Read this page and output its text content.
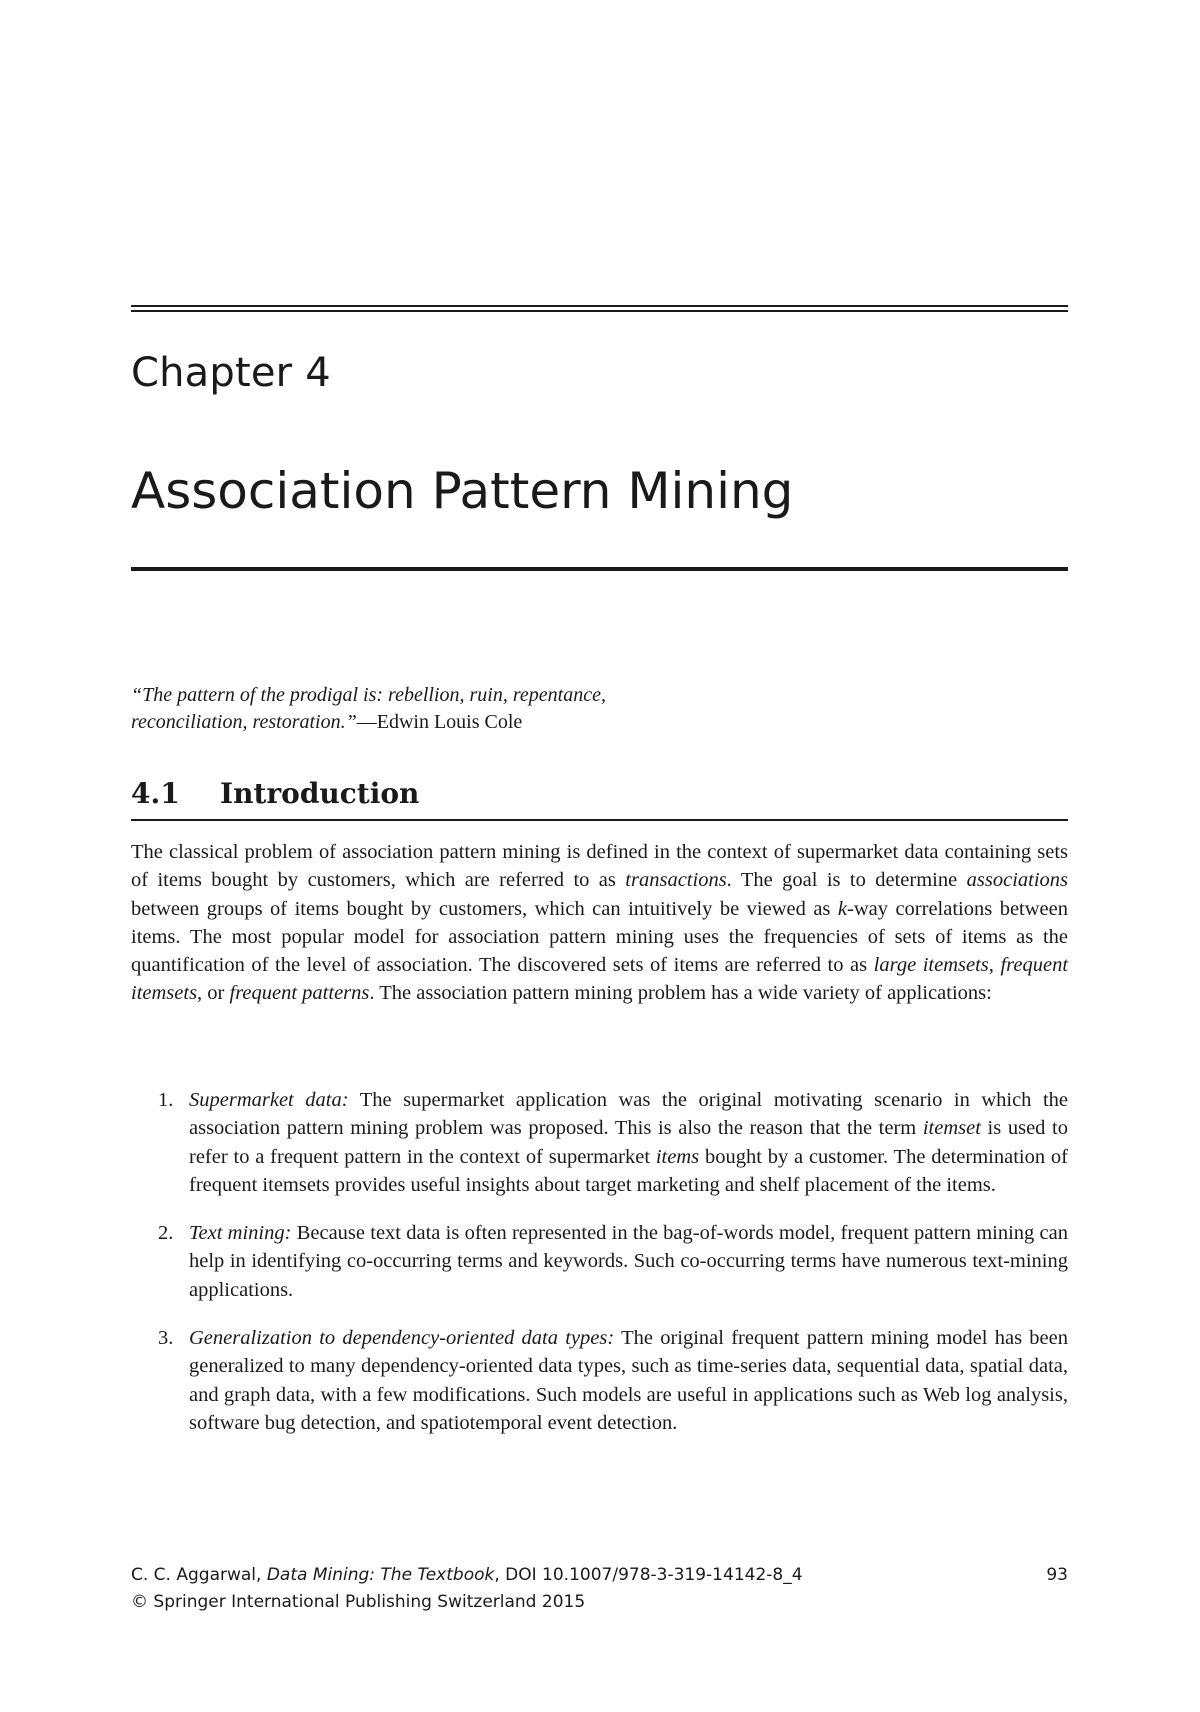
Chapter 4
Association Pattern Mining
“The pattern of the prodigal is: rebellion, ruin, repentance,
reconciliation, restoration.”—Edwin Louis Cole
4.1	Introduction
The classical problem of association pattern mining is defined in the context of supermarket data containing sets of items bought by customers, which are referred to as transactions. The goal is to determine associations between groups of items bought by customers, which can intuitively be viewed as k-way correlations between items. The most popular model for association pattern mining uses the frequencies of sets of items as the quantification of the level of association. The discovered sets of items are referred to as large itemsets, frequent itemsets, or frequent patterns. The association pattern mining problem has a wide variety of applications:
1. Supermarket data: The supermarket application was the original motivating scenario in which the association pattern mining problem was proposed. This is also the reason that the term itemset is used to refer to a frequent pattern in the context of supermarket items bought by a customer. The determination of frequent itemsets provides useful insights about target marketing and shelf placement of the items.
2. Text mining: Because text data is often represented in the bag-of-words model, frequent pattern mining can help in identifying co-occurring terms and keywords. Such co-occurring terms have numerous text-mining applications.
3. Generalization to dependency-oriented data types: The original frequent pattern mining model has been generalized to many dependency-oriented data types, such as time-series data, sequential data, spatial data, and graph data, with a few modifications. Such models are useful in applications such as Web log analysis, software bug detection, and spatiotemporal event detection.
C. C. Aggarwal, Data Mining: The Textbook, DOI 10.1007/978-3-319-14142-8_4	93
© Springer International Publishing Switzerland 2015
